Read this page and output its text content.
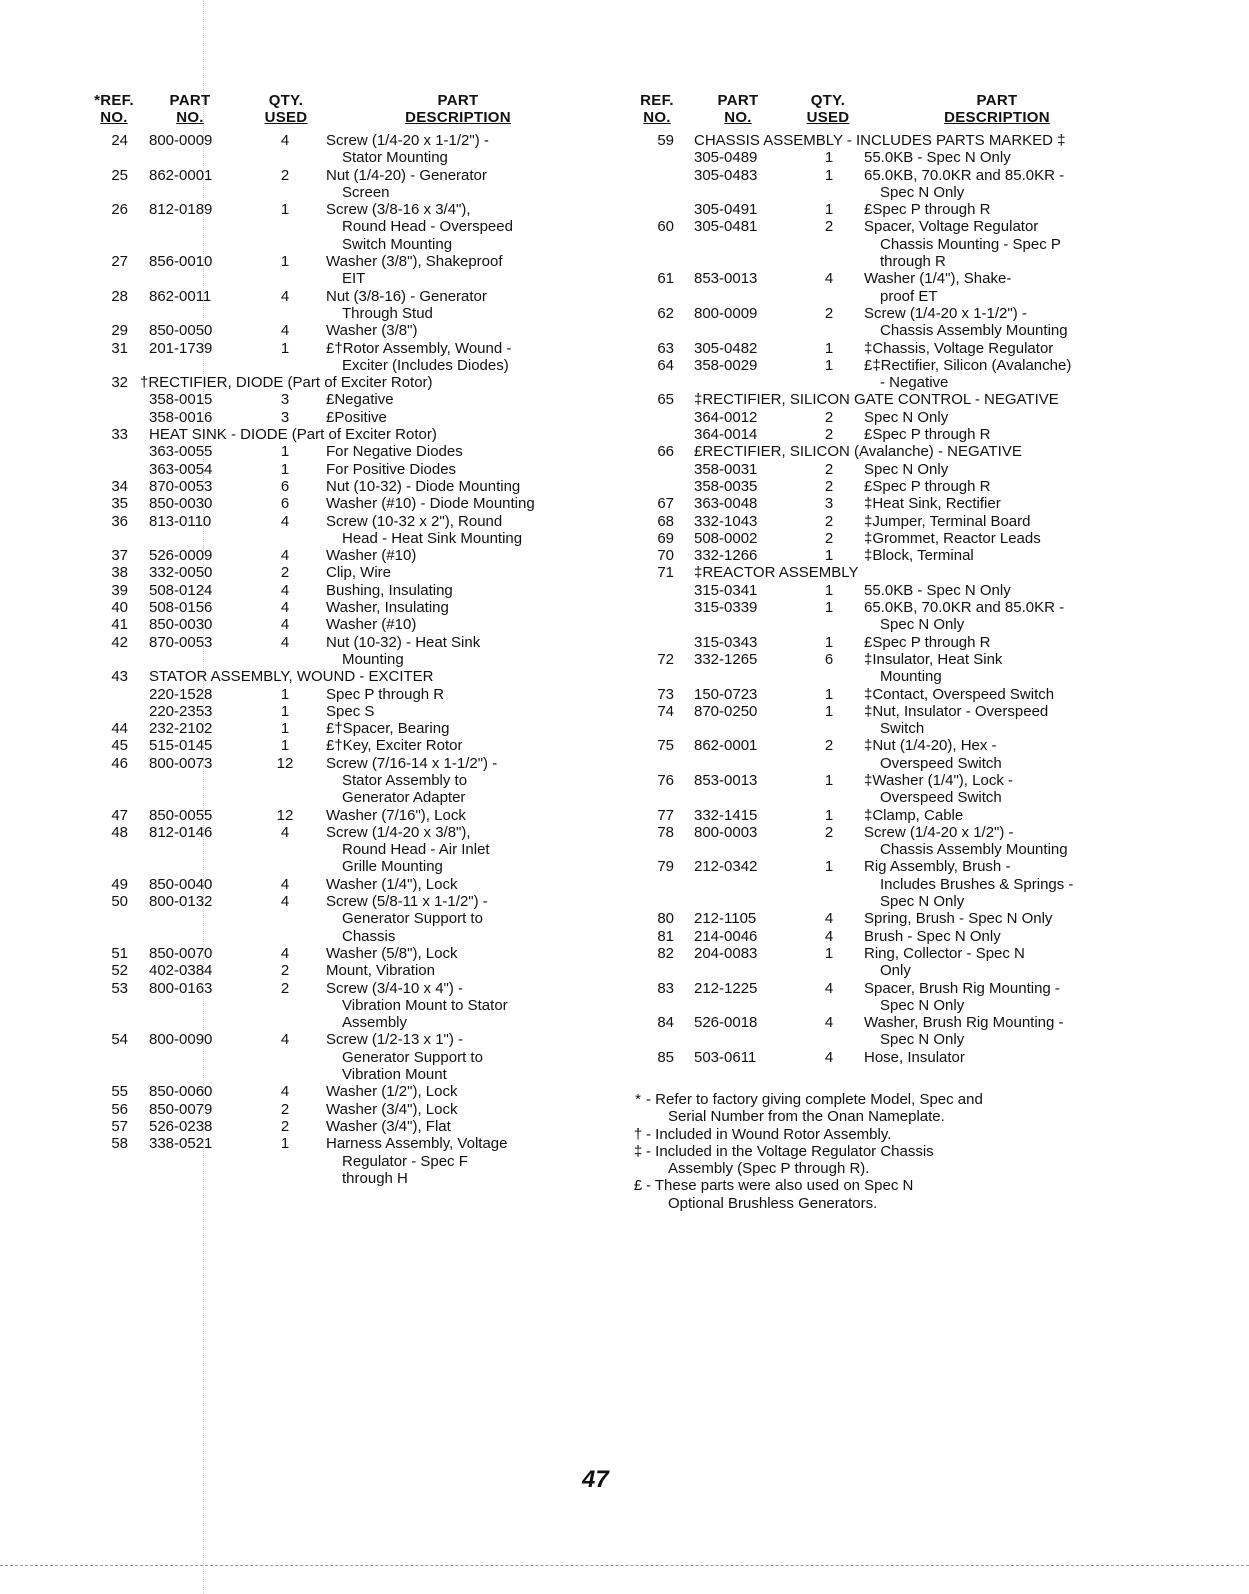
*REF.
NO.
PART
NO.
QTY.
USED
PART
DESCRIPTION
24 800-0009	4	Screw (1/4-20 x 1-1/2") -
Stator Mounting
25 862-0001	2	Nut (1/4-20) - Generator
Screen
26 812-0189	1	Screw (3/8-16 x 3/4"),
Round Head - Overspeed
Switch Mounting
27 856-0010	1	Washer (3/8"), Shakeproof
EIT
28 862-0011	4	Nut (3/8-16) - Generator
Through Stud
29 850-0050	4	Washer (3/8")
31 201-1739	1	£†Rotor Assembly, Wound -
Exciter (Includes Diodes)
32 †RECTIFIER, DIODE (Part of Exciter Rotor)
358-0015	3	£Negative
358-0016	3	£Positive
33 HEAT SINK - DIODE (Part of Exciter Rotor)
363-0055	1	For Negative Diodes
363-0054	1	For Positive Diodes
34 870-0053	6	Nut (10-32) - Diode Mounting
35 850-0030	6	Washer (#10) - Diode Mounting
36 813-0110	4	Screw (10-32 x 2"), Round
Head - Heat Sink Mounting
37 526-0009	4	Washer (#10)
38 332-0050	2	Clip, Wire
39 508-0124	4	Bushing, Insulating
40 508-0156	4	Washer, Insulating
41 850-0030	4	Washer (#10)
42 870-0053	4	Nut (10-32) - Heat Sink
Mounting
43 STATOR ASSEMBLY, WOUND - EXCITER
220-1528	1	Spec P through R
220-2353	1	Spec S
44 232-2102	1	£†Spacer, Bearing
45 515-0145	1	£†Key, Exciter Rotor
46 800-0073	12	Screw (7/16-14 x 1-1/2") -
Stator Assembly to
Generator Adapter
47 850-0055	12	Washer (7/16"), Lock
48 812-0146	4	Screw (1/4-20 x 3/8"),
Round Head - Air Inlet
Grille Mounting
49 850-0040	4	Washer (1/4"), Lock
50 800-0132	4	Screw (5/8-11 x 1-1/2") -
Generator Support to
Chassis
51 850-0070	4	Washer (5/8"), Lock
52 402-0384	2	Mount, Vibration
53 800-0163	2	Screw (3/4-10 x 4") -
Vibration Mount to Stator
Assembly
54 800-0090	4	Screw (1/2-13 x 1") -
Generator Support to
Vibration Mount
55 850-0060	4	Washer (1/2"), Lock
56 850-0079	2	Washer (3/4"), Lock
57 526-0238	2	Washer (3/4"), Flat
58 338-0521	1	Harness Assembly, Voltage
Regulator - Spec F
through H
REF.
NO.
PART
NO.
QTY.
USED
PART
DESCRIPTION
59 CHASSIS ASSEMBLY - INCLUDES PARTS MARKED ‡
305-0489	1	55.0KB - Spec N Only
305-0483	1	65.0KB, 70.0KR and 85.0KR -
Spec N Only
305-0491	1	£Spec P through R
60 305-0481	2	Spacer, Voltage Regulator
Chassis Mounting - Spec P
through R
61 853-0013	4	Washer (1/4"), Shake-
proof ET
62 800-0009	2	Screw (1/4-20 x 1-1/2") -
Chassis Assembly Mounting
63 305-0482	1	‡Chassis, Voltage Regulator
64 358-0029	1	£‡Rectifier, Silicon (Avalanche)
- Negative
65 ‡RECTIFIER, SILICON GATE CONTROL - NEGATIVE
364-0012	2	Spec N Only
364-0014	2	£Spec P through R
66 £RECTIFIER, SILICON (Avalanche) - NEGATIVE
358-0031	2	Spec N Only
358-0035	2	£Spec P through R
67 363-0048	3	‡Heat Sink, Rectifier
68 332-1043	2	‡Jumper, Terminal Board
69 508-0002	2	‡Grommet, Reactor Leads
70 332-1266	1	‡Block, Terminal
71 ‡REACTOR ASSEMBLY
315-0341	1	55.0KB - Spec N Only
315-0339	1	65.0KB, 70.0KR and 85.0KR -
Spec N Only
315-0343	1	£Spec P through R
72 332-1265	6	‡Insulator, Heat Sink
Mounting
73 150-0723	1	‡Contact, Overspeed Switch
74 870-0250	1	‡Nut, Insulator - Overspeed
Switch
75 862-0001	2	‡Nut (1/4-20), Hex -
Overspeed Switch
76 853-0013	1	‡Washer (1/4"), Lock -
Overspeed Switch
77 332-1415	1	‡Clamp, Cable
78 800-0003	2	Screw (1/4-20 x 1/2") -
Chassis Assembly Mounting
79 212-0342	1	Rig Assembly, Brush -
Includes Brushes & Springs -
Spec N Only
80 212-1105	4	Spring, Brush - Spec N Only
81 214-0046	4	Brush - Spec N Only
82 204-0083	1	Ring, Collector - Spec N
Only
83 212-1225	4	Spacer, Brush Rig Mounting -
Spec N Only
84 526-0018	4	Washer, Brush Rig Mounting -
Spec N Only
85 503-0611	4	Hose, Insulator
* - Refer to factory giving complete Model, Spec and
Serial Number from the Onan Nameplate.
† - Included in Wound Rotor Assembly.
‡ - Included in the Voltage Regulator Chassis
Assembly (Spec P through R).
£ - These parts were also used on Spec N
Optional Brushless Generators.
47
